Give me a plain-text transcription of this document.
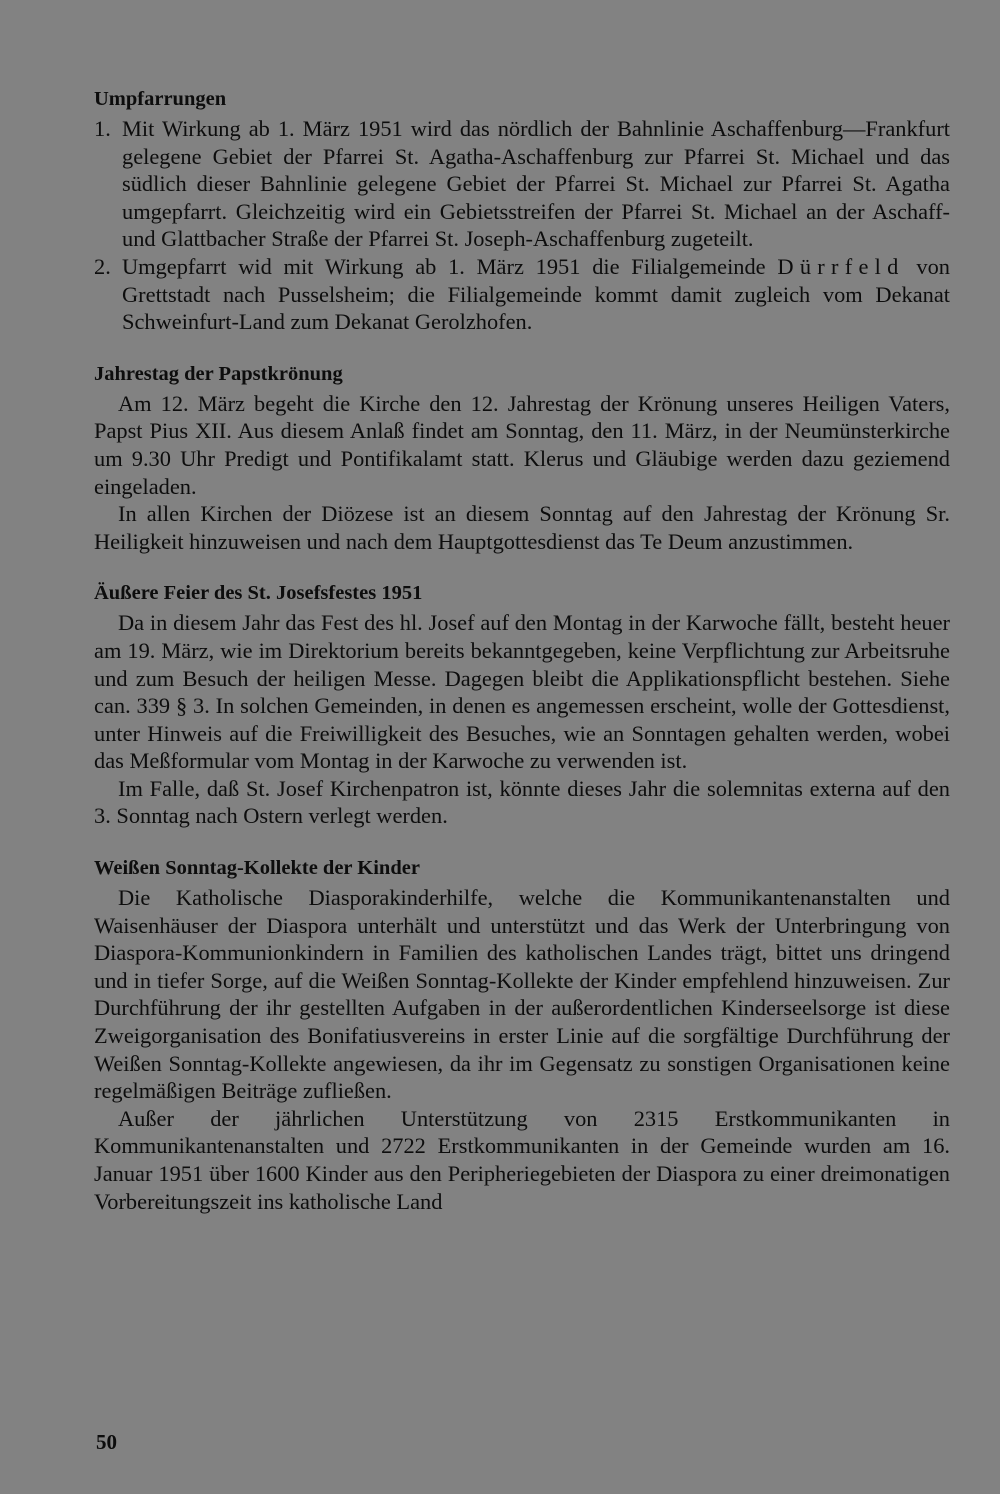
Umpfarrungen

1. Mit Wirkung ab 1. März 1951 wird das nördlich der Bahnlinie Aschaffenburg—Frankfurt gelegene Gebiet der Pfarrei St. Agatha-Aschaffenburg zur Pfarrei St. Michael und das südlich dieser Bahnlinie gelegene Gebiet der Pfarrei St. Michael zur Pfarrei St. Agatha umgepfarrt. Gleichzeitig wird ein Gebietsstreifen der Pfarrei St. Michael an der Aschaff- und Glattbacher Straße der Pfarrei St. Joseph-Aschaffenburg zugeteilt.

2. Umgepfarrt wid mit Wirkung ab 1. März 1951 die Filialgemeinde Dürrfeld von Grettstadt nach Pusselsheim; die Filialgemeinde kommt damit zugleich vom Dekanat Schweinfurt-Land zum Dekanat Gerolzhofen.

Jahrestag der Papstkrönung

Am 12. März begeht die Kirche den 12. Jahrestag der Krönung unseres Heiligen Vaters, Papst Pius XII. Aus diesem Anlaß findet am Sonntag, den 11. März, in der Neumünsterkirche um 9.30 Uhr Predigt und Pontifikalamt statt. Klerus und Gläubige werden dazu geziemend eingeladen.

In allen Kirchen der Diözese ist an diesem Sonntag auf den Jahrestag der Krönung Sr. Heiligkeit hinzuweisen und nach dem Hauptgottesdienst das Te Deum anzustimmen.

Äußere Feier des St. Josefsfestes 1951

Da in diesem Jahr das Fest des hl. Josef auf den Montag in der Karwoche fällt, besteht heuer am 19. März, wie im Direktorium bereits bekanntgegeben, keine Verpflichtung zur Arbeitsruhe und zum Besuch der heiligen Messe. Dagegen bleibt die Applikationspflicht bestehen. Siehe can. 339 § 3. In solchen Gemeinden, in denen es angemessen erscheint, wolle der Gottesdienst, unter Hinweis auf die Freiwilligkeit des Besuches, wie an Sonntagen gehalten werden, wobei das Meßformular vom Montag in der Karwoche zu verwenden ist.

Im Falle, daß St. Josef Kirchenpatron ist, könnte dieses Jahr die solemnitas externa auf den 3. Sonntag nach Ostern verlegt werden.

Weißen Sonntag-Kollekte der Kinder

Die Katholische Diasporakinderhilfe, welche die Kommunikantenanstalten und Waisenhäuser der Diaspora unterhält und unterstützt und das Werk der Unterbringung von Diaspora-Kommunionkindern in Familien des katholischen Landes trägt, bittet uns dringend und in tiefer Sorge, auf die Weißen Sonntag-Kollekte der Kinder empfehlend hinzuweisen. Zur Durchführung der ihr gestellten Aufgaben in der außerordentlichen Kinderseelsorge ist diese Zweigorganisation des Bonifatiusvereins in erster Linie auf die sorgfältige Durchführung der Weißen Sonntag-Kollekte angewiesen, da ihr im Gegensatz zu sonstigen Organisationen keine regelmäßigen Beiträge zufließen.

Außer der jährlichen Unterstützung von 2315 Erstkommunikanten in Kommunikantenanstalten und 2722 Erstkommunikanten in der Gemeinde wurden am 16. Januar 1951 über 1600 Kinder aus den Peripheriegebieten der Diaspora zu einer dreimonatigen Vorbereitungszeit ins katholische Land

50
